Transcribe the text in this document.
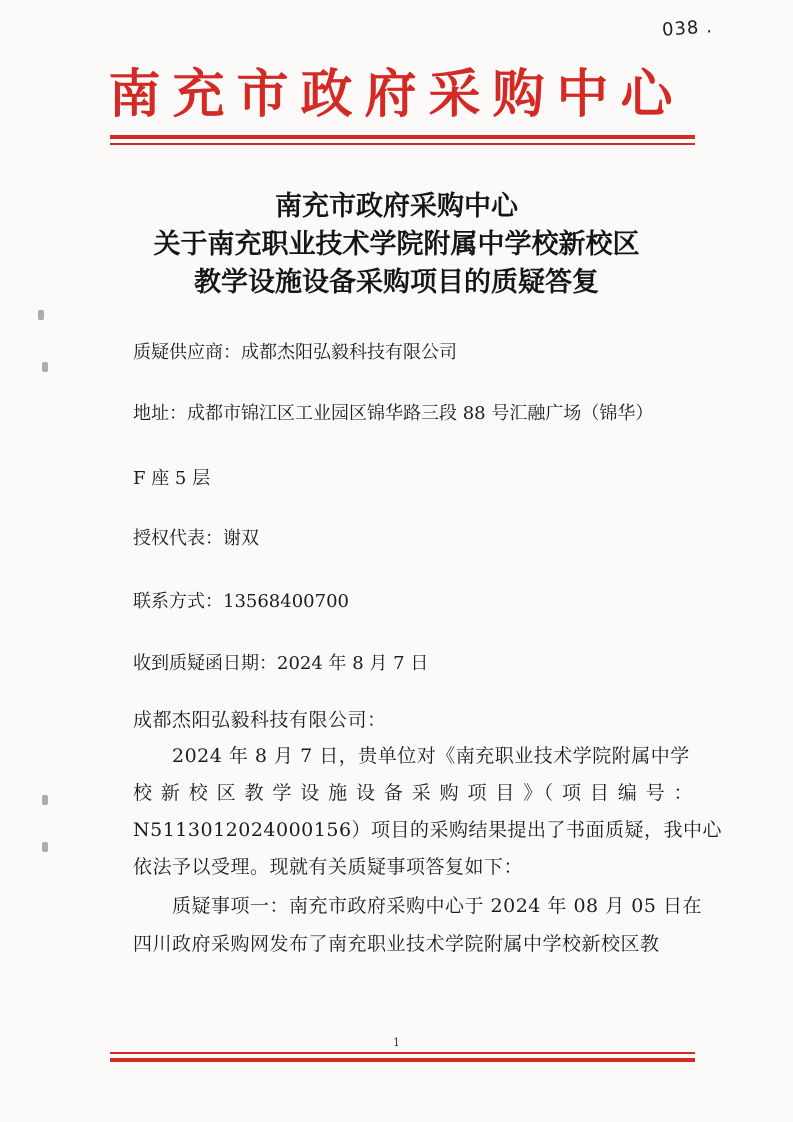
038 .
南充市政府采购中心
南充市政府采购中心
关于南充职业技术学院附属中学校新校区
教学设施设备采购项目的质疑答复
质疑供应商：成都杰阳弘毅科技有限公司
地址：成都市锦江区工业园区锦华路三段 88 号汇融广场（锦华）
F 座 5 层
授权代表：谢双
联系方式：13568400700
收到质疑函日期：2024 年 8 月 7 日
成都杰阳弘毅科技有限公司：
2024 年 8 月 7 日，贵单位对《南充职业技术学院附属中学
校 新 校 区 教 学 设 施 设 备 采 购 项 目 》（ 项 目 编 号 ：
N5113012024000156）项目的采购结果提出了书面质疑，我中心
依法予以受理。现就有关质疑事项答复如下：
质疑事项一：南充市政府采购中心于 2024 年 08 月 05 日在
四川政府采购网发布了南充职业技术学院附属中学校新校区教
1
